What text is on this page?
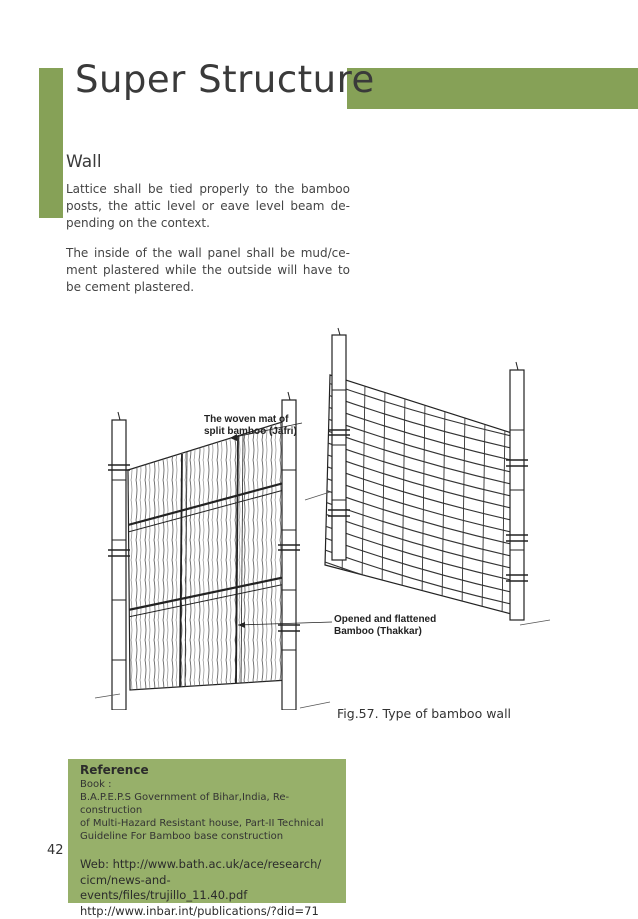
Super Structure
Wall

Lattice shall be tied properly to the bamboo posts, the attic level or eave level beam de-pending on the context.

The inside of the wall panel shall be mud/ce-ment plastered while the outside will have to be cement plastered.

The woven mat of
split bamboo (Jafri)
Opened and flattened
Bamboo (Thakkar)

Fig.57. Type of bamboo wall

Reference

Book :

B.A.P.E.P.S Government of Bihar,India, Re-construction

of Multi-Hazard Resistant house, Part-II Technical

Guideline For Bamboo base construction

Web: http://www.bath.ac.uk/ace/research/

cicm/news-and-events/files/trujillo_11.40.pdf

http://www.inbar.int/publications/?did=71

42
